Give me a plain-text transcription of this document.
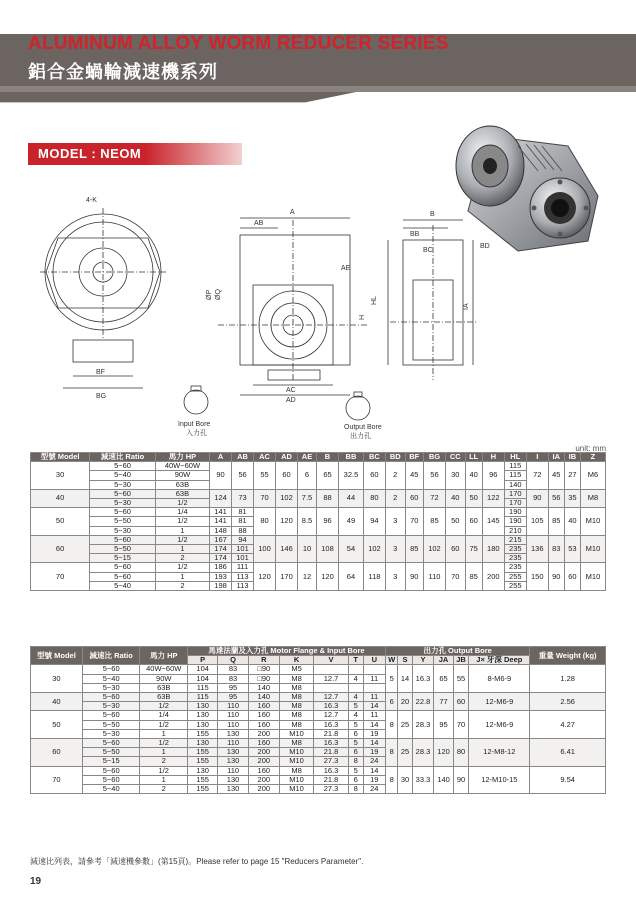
ALUMINUM ALLOY WORM REDUCER SERIES
鋁合金蝸輪減速機系列
MODEL : NEOM
4-K
BF
BG
A
AB
B
BB
BC
BD
AE
HL
H
IA
AC
AD
ØP ØQ
Input Bore
入力孔
Output Bore
出力孔
unit: mm
型號 Model	減速比 Ratio	馬力 HP	A	AB	AC	AD	AE	B	BB	BC	BD	BF	BG	CC	LL	H	HL	I	IA	IB	Z
30	5~60	40W~60W	90	56	55	60	6	65	32.5	60	2	45	56	30	40	96	115	72	45	27	M6
	5~40	90W															115				
	5~30	63B															140				
40	5~60	63B	124	73	70	102	7.5	88	44	80	2	60	72	40	50	122	170	90	56	35	M8
	5~30	1/2															170				
50	5~60	1/4	141	81	80	120	8.5	96	49	94	3	70	85	50	60	145	190	105	85	40	M10
	5~50	1/2	141	81													190				
	5~30	1	148	88													210				
60	5~60	1/2	167	94	100	146	10	108	54	102	3	85	102	60	75	180	215	136	83	53	M10
	5~50	1	174	101													235				
	5~15	2	174	101													235				
70	5~60	1/2	186	111	120	170	12	120	64	118	3	90	110	70	85	200	235	150	90	60	M10
	5~60	1	193	113													255				
	5~40	2	198	113													255				
型號 Model	減速比 Ratio	馬力 HP	馬達法蘭及入力孔 Motor Flange & Input Bore							出力孔 Output Bore						重量 Weight (kg)
			P	Q	R	K	V	T	U	W	S	Y	JA	JB	J× 牙深 Deep	
30	5~60	40W~60W	104	83	□90	M5				5	14	16.3	65	55	8-M6-9	1.28
	5~40	90W	104	83	□90	M8	12.7	4	11							
	5~30	63B	115	95	140	M8										
40	5~60	63B	115	95	140	M8	12.7	4	11	6	20	22.8	77	60	12-M6-9	2.56
	5~30	1/2	130	110	160	M8	16.3	5	14							
50	5~60	1/4	130	110	160	M8	12.7	4	11	8	25	28.3	95	70	12-M6-9	4.27
	5~50	1/2	130	110	160	M8	16.3	5	14							
	5~30	1	155	130	200	M10	21.8	6	19							
60	5~60	1/2	130	110	160	M8	16.3	5	14	8	25	28.3	120	80	12-M8-12	6.41
	5~50	1	155	130	200	M10	21.8	6	19							
	5~15	2	155	130	200	M10	27.3	8	24							
70	5~60	1/2	130	110	160	M8	16.3	5	14	8	30	33.3	140	90	12-M10-15	9.54
	5~60	1	155	130	200	M10	21.8	6	19							
	5~40	2	155	130	200	M10	27.3	8	24							
減速比列表，請參考「減速機參數」(第15頁)。Please refer to page 15 "Reducers Parameter".
19
